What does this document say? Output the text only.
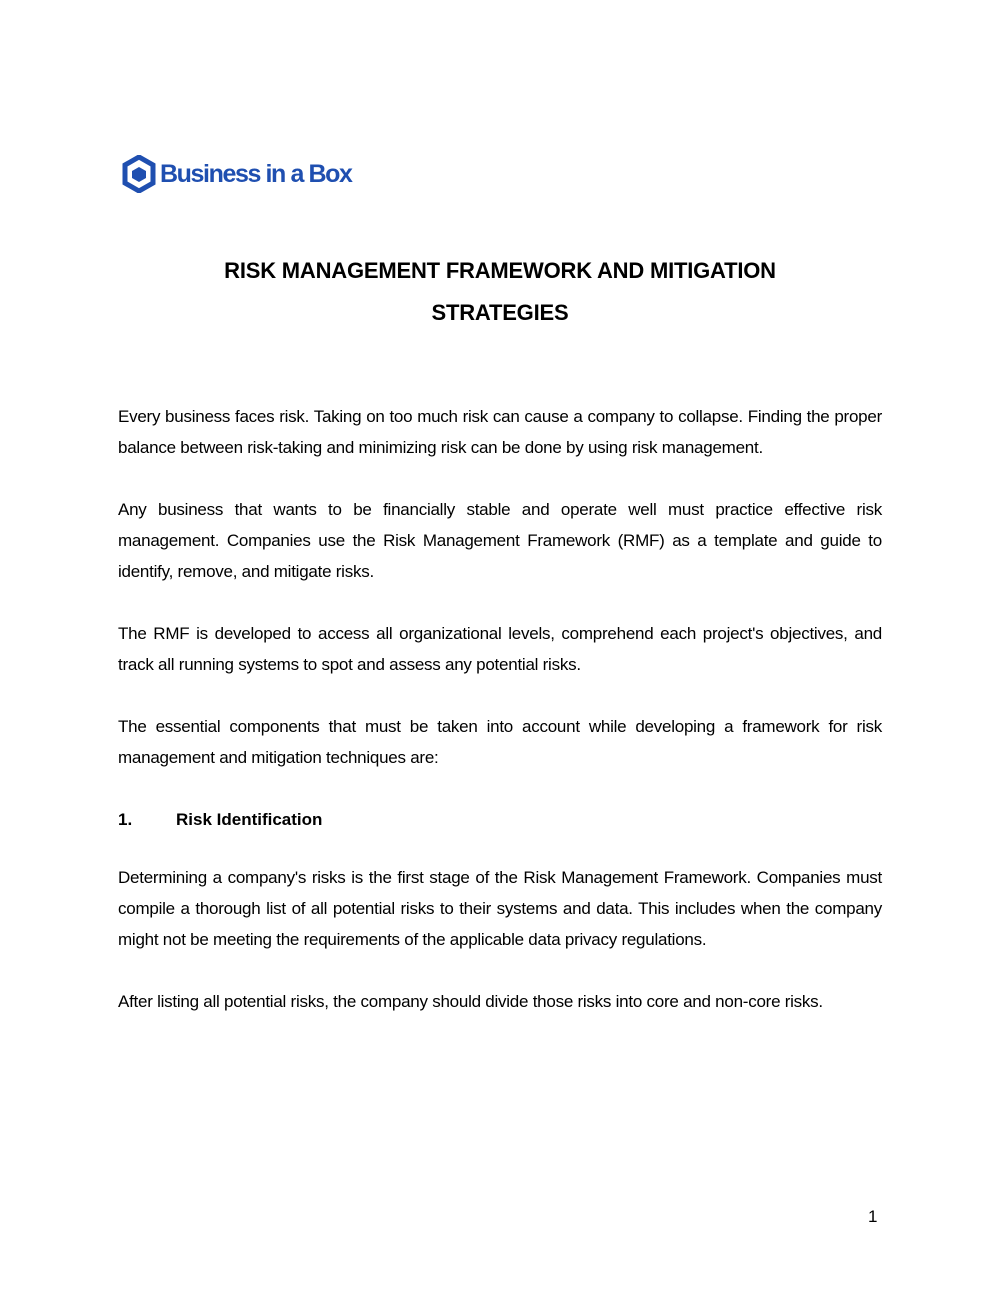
Business in a Box
RISK MANAGEMENT FRAMEWORK AND MITIGATION
STRATEGIES

Every business faces risk. Taking on too much risk can cause a company to collapse. Finding the proper balance between risk-taking and minimizing risk can be done by using risk management.

Any business that wants to be financially stable and operate well must practice effective risk management. Companies use the Risk Management Framework (RMF) as a template and guide to identify, remove, and mitigate risks.

The RMF is developed to access all organizational levels, comprehend each project's objectives, and track all running systems to spot and assess any potential risks.

The essential components that must be taken into account while developing a framework for risk management and mitigation techniques are:

1.	Risk Identification

Determining a company's risks is the first stage of the Risk Management Framework. Companies must compile a thorough list of all potential risks to their systems and data. This includes when the company might not be meeting the requirements of the applicable data privacy regulations.

After listing all potential risks, the company should divide those risks into core and non-core risks.

1
